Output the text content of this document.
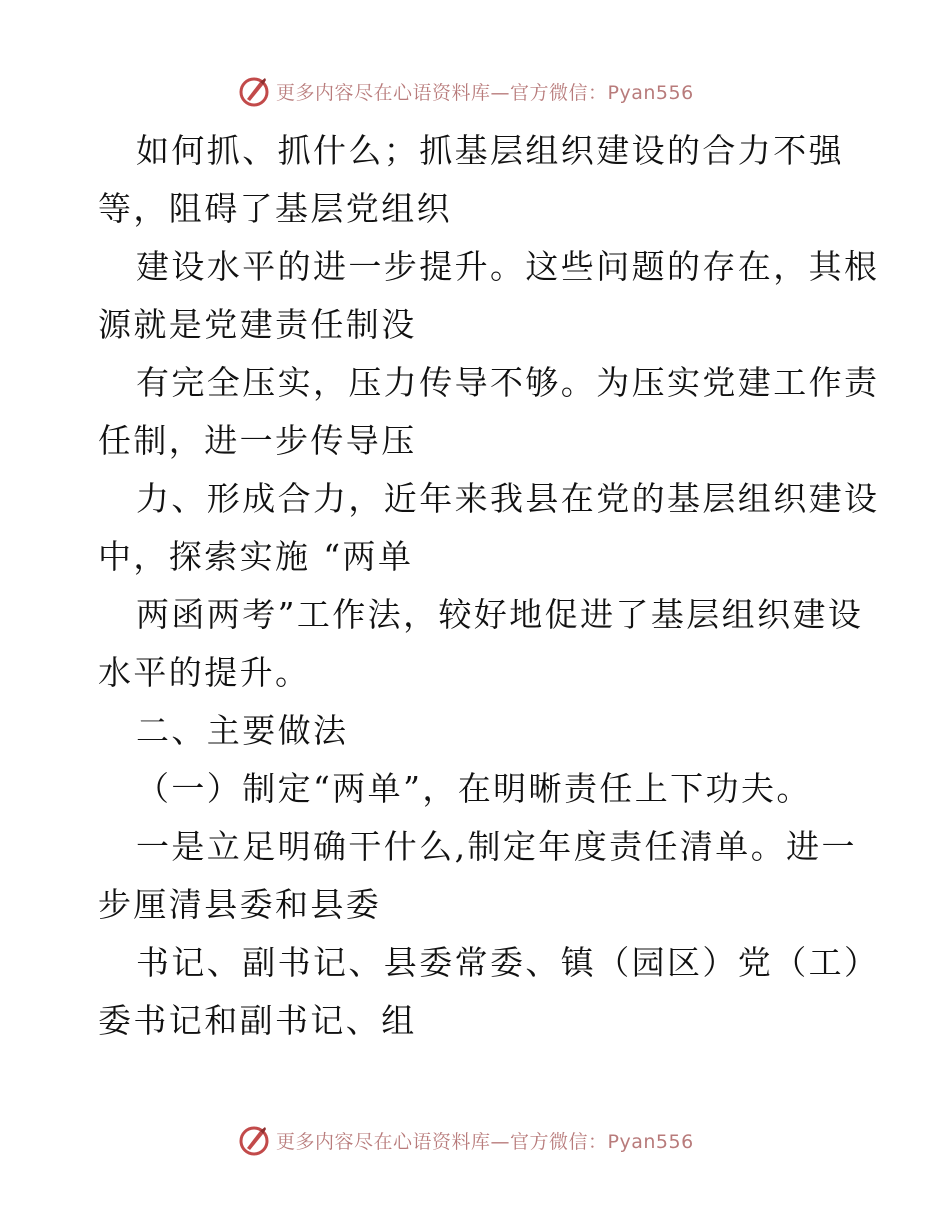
更多内容尽在心语资料库—官方微信：Pyan556
如何抓、抓什么；抓基层组织建设的合力不强
等，阻碍了基层党组织
建设水平的进一步提升。这些问题的存在，其根
源就是党建责任制没
有完全压实，压力传导不够。为压实党建工作责
任制，进一步传导压
力、形成合力，近年来我县在党的基层组织建设
中，探索实施 “两单
两函两考”工作法，较好地促进了基层组织建设
水平的提升。
二、主要做法
（一）制定“两单”，在明晰责任上下功夫。
一是立足明确干什么,制定年度责任清单。进一
步厘清县委和县委
书记、副书记、县委常委、镇（园区）党（工）
委书记和副书记、组
更多内容尽在心语资料库—官方微信：Pyan556
